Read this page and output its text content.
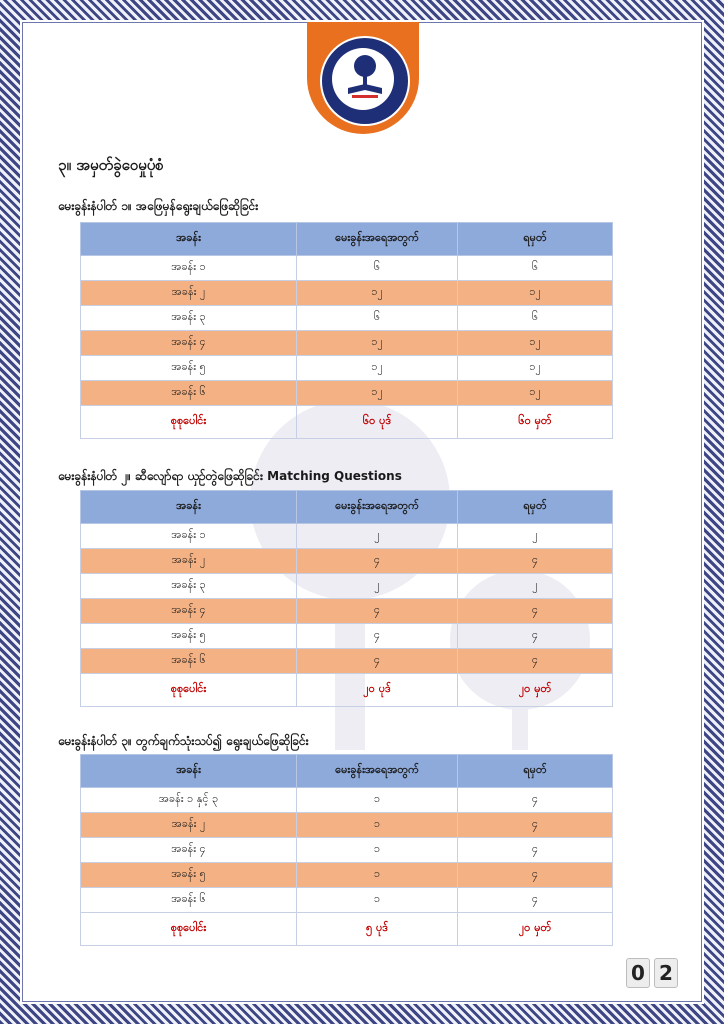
၃။ အမှတ်ခွဲဝေမှုပုံစံ
မေးခွန်းနံပါတ် ၁။ အဖြေမှန်ရွေးချယ်ဖြေဆိုခြင်း
အခန်း	မေးခွန်းအရေအတွက်	ရမှတ်
အခန်း ၁	၆	၆
အခန်း ၂	၁၂	၁၂
အခန်း ၃	၆	၆
အခန်း ၄	၁၂	၁၂
အခန်း ၅	၁၂	၁၂
အခန်း ၆	၁၂	၁၂
စုစုပေါင်း	၆၀ ပုဒ်	၆၀ မှတ်
မေးခွန်းနံပါတ် ၂။ ဆီလျော်ရာ ယှဉ်တွဲဖြေဆိုခြင်း Matching Questions
အခန်း	မေးခွန်းအရေအတွက်	ရမှတ်
အခန်း ၁	၂	၂
အခန်း ၂	၄	၄
အခန်း ၃	၂	၂
အခန်း ၄	၄	၄
အခန်း ၅	၄	၄
အခန်း ၆	၄	၄
စုစုပေါင်း	၂၀ ပုဒ်	၂၀ မှတ်
မေးခွန်းနံပါတ် ၃။ တွက်ချက်သုံးသပ်၍ ရွေးချယ်ဖြေဆိုခြင်း
အခန်း	မေးခွန်းအရေအတွက်	ရမှတ်
အခန်း ၁ နှင့် ၃	၁	၄
အခန်း ၂	၁	၄
အခန်း ၄	၁	၄
အခန်း ၅	၁	၄
အခန်း ၆	၁	၄
စုစုပေါင်း	၅ ပုဒ်	၂၀ မှတ်
0 2
